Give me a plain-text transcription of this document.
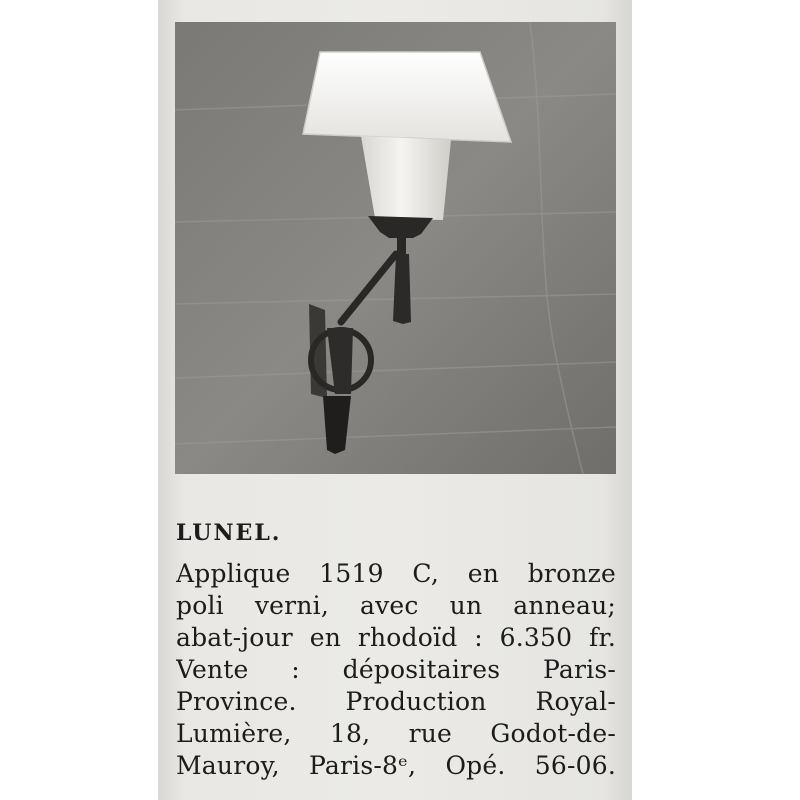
LUNEL.
Applique 1519 C, en bronze
poli verni, avec un anneau;
abat-jour en rhodoïd : 6.350 fr.
Vente : dépositaires Paris-
Province. Production Royal-
Lumière, 18, rue Godot-de-
Mauroy, Paris-8ᵉ, Opé. 56-06.
